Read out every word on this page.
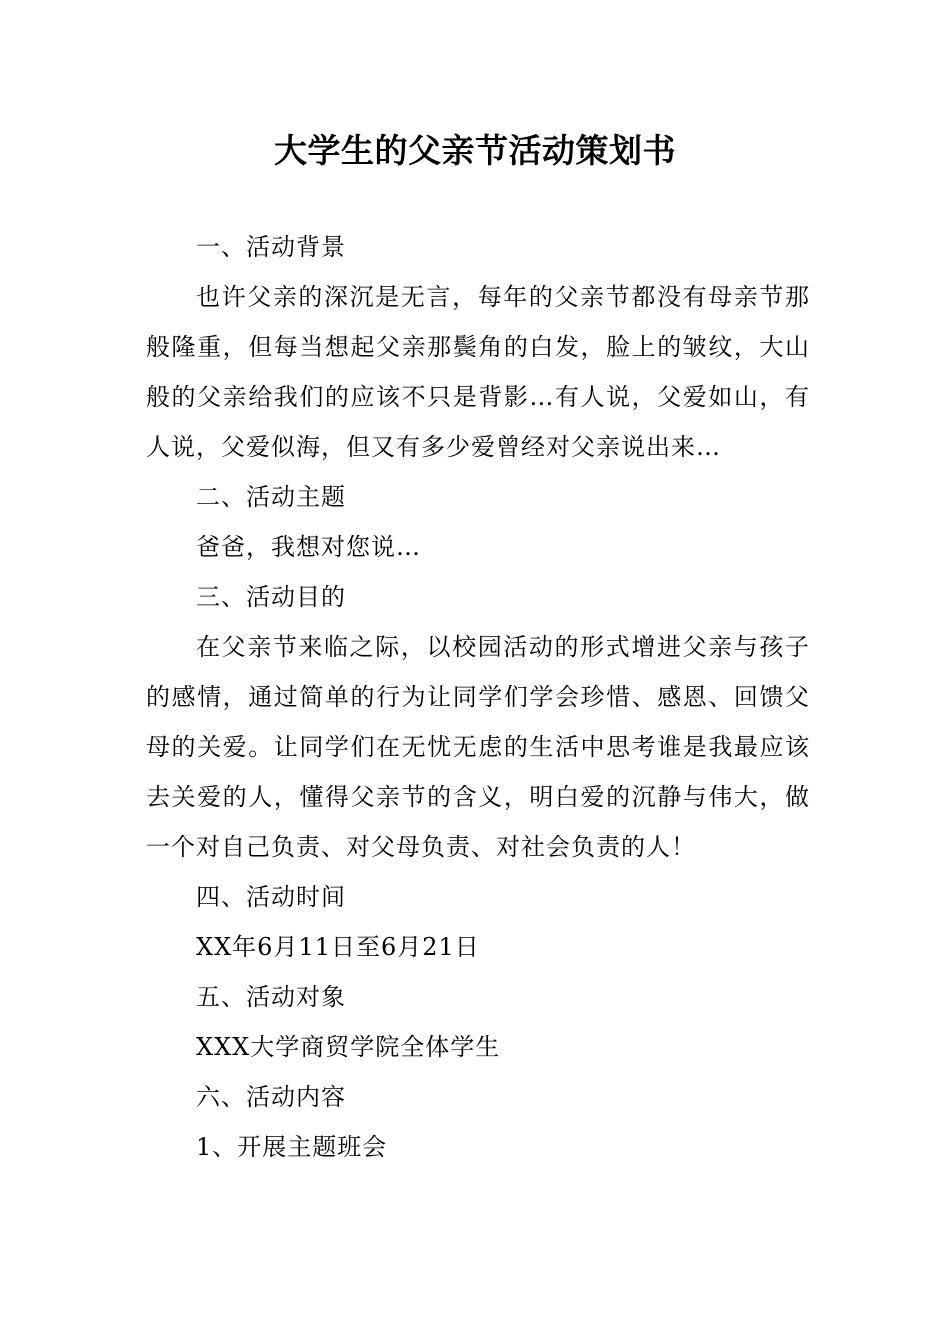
大学生的父亲节活动策划书

一、活动背景

也许父亲的深沉是无言，每年的父亲节都没有母亲节那般隆重，但每当想起父亲那鬓角的白发，脸上的皱纹，大山般的父亲给我们的应该不只是背影…有人说，父爱如山，有人说，父爱似海，但又有多少爱曾经对父亲说出来…

二、活动主题

爸爸，我想对您说…

三、活动目的

在父亲节来临之际，以校园活动的形式增进父亲与孩子的感情，通过简单的行为让同学们学会珍惜、感恩、回馈父母的关爱。让同学们在无忧无虑的生活中思考谁是我最应该去关爱的人，懂得父亲节的含义，明白爱的沉静与伟大，做一个对自己负责、对父母负责、对社会负责的人！

四、活动时间

XX年6月11日至6月21日

五、活动对象

XXX大学商贸学院全体学生

六、活动内容

1、开展主题班会
